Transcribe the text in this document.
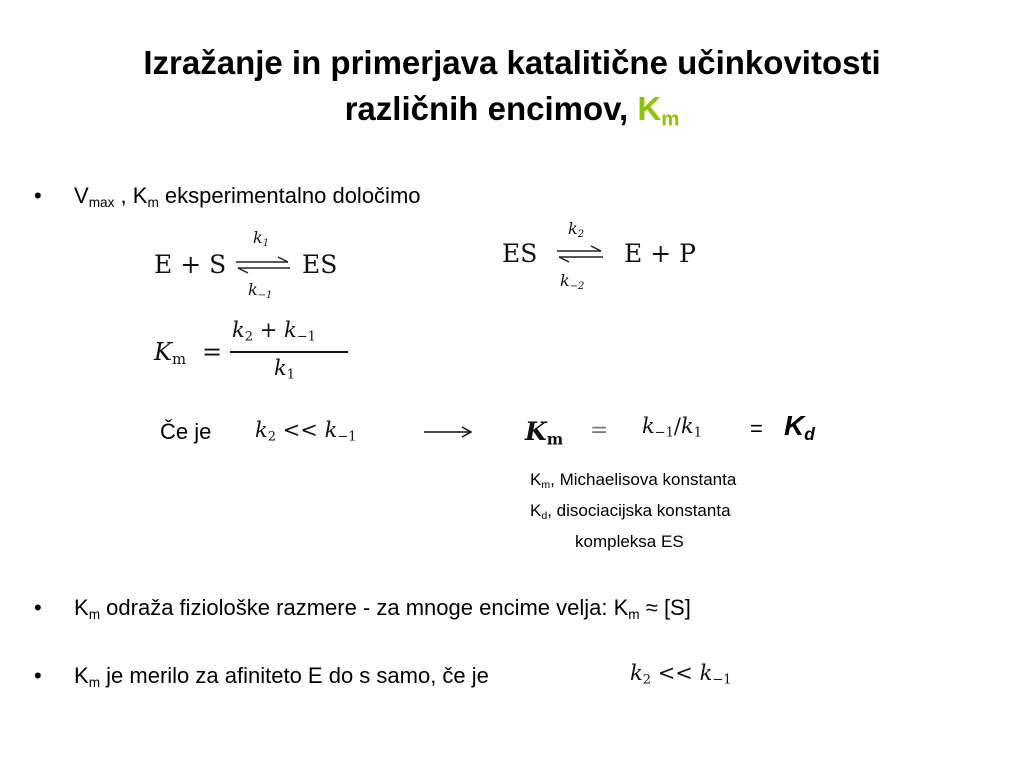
Izražanje in primerjava katalitične učinkovitosti
različnih encimov, $K_m$
• $V_{max}$ , $K_m$ eksperimentalno določimo
E + S
$k_1$
$k_{-1}$
ES	ES
$k_2$
$k_{-2}$
E + P
$K_m$ =
$k_2 + k_{-1}$
$k_1$
Če je $k_2 << k_{-1}$	$K_m = k_{-1}/k_1 = K_d$
$K_m$, Michaelisova konstanta
$K_d$, disociacijska konstanta
kompleksa ES
• $K_m$ odraža fiziološke razmere - za mnoge encime velja: $K_m \approx [S]$
• $K_m$ je merilo za afiniteto E do s samo, če je	$k_2 << k_{-1}$
